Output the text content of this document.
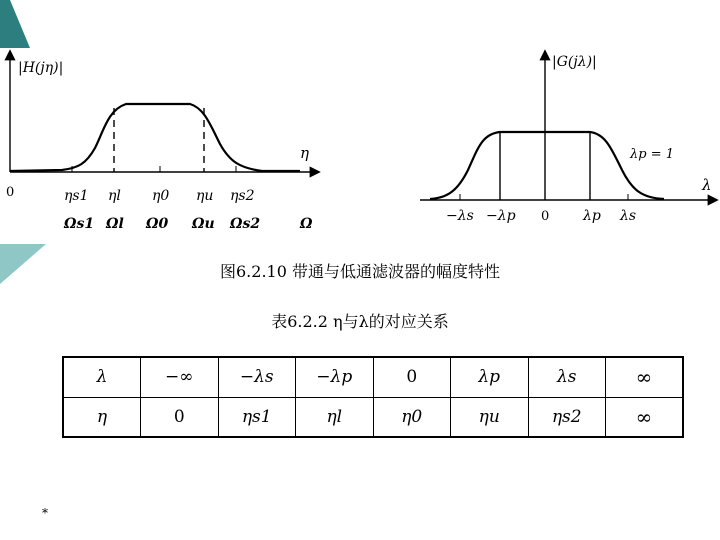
|H(jη)|
η
0	ηs1 ηl η0 ηu ηs2
Ωs1 Ωl Ω0 Ωu Ωs2	Ω
|G(jλ)|
λ
λp = 1
−λs −λp 0 λp λs
图6.2.10 带通与低通滤波器的幅度特性
表6.2.2 η与λ的对应关系
λ	−∞	−λs	−λp	0	λp	λs	∞
η	0	ηs1	ηl	η0	ηu	ηs2	∞
*
